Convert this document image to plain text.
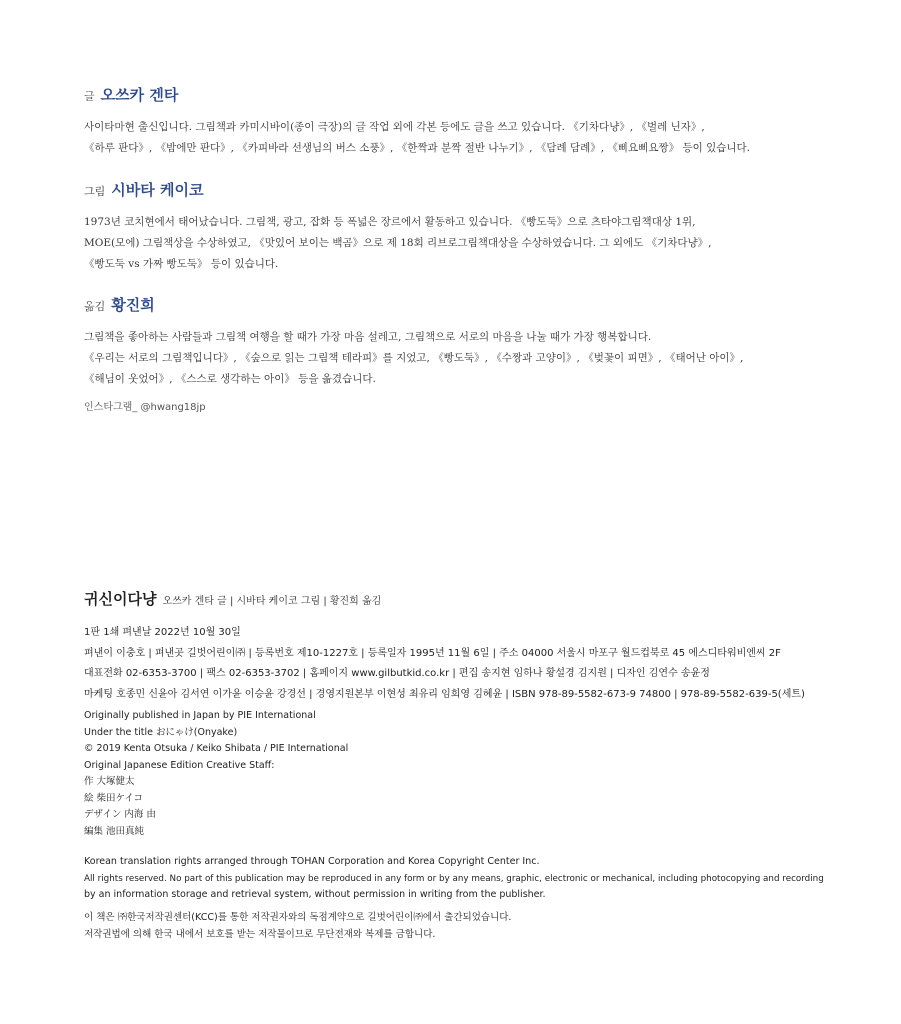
글 오쓰카 겐타

사이타마현 출신입니다. 그림책과 카미시바이(종이 극장)의 글 작업 외에 각본 등에도 글을 쓰고 있습니다. 《기차다냥》, 《벌레 닌자》,
《하루 판다》, 《밤에만 판다》, 《카피바라 선생님의 버스 소풍》, 《한짝과 분짝 절반 나누기》, 《담례 담례》, 《삐요삐요짱》 등이 있습니다.

그림 시바타 케이코

1973년 코치현에서 태어났습니다. 그림책, 광고, 잡화 등 폭넓은 장르에서 활동하고 있습니다. 《빵도둑》으로 츠타야그림책대상 1위,
MOE(모에) 그림책상을 수상하였고, 《맛있어 보이는 백곰》으로 제 18회 리브로그림책대상을 수상하였습니다. 그 외에도 《기차다냥》,
《빵도둑 vs 가짜 빵도둑》 등이 있습니다.

옮김 황진희

그림책을 좋아하는 사람들과 그림책 여행을 할 때가 가장 마음 설레고, 그림책으로 서로의 마음을 나눌 때가 가장 행복합니다.
《우리는 서로의 그림책입니다》, 《숲으로 읽는 그림책 테라피》를 지었고, 《빵도둑》, 《수짱과 고양이》, 《벚꽃이 피면》, 《태어난 아이》,
《해님이 웃었어》, 《스스로 생각하는 아이》 등을 옮겼습니다.

인스타그램_ @hwang18jp
귀신이다냥 오쓰카 겐타 글 | 시바타 케이코 그림 | 황진희 옮김
1판 1쇄 펴낸날 2022년 10월 30일
펴낸이 이충호 | 펴낸곳 길벗어린이㈜ | 등록번호 제10-1227호 | 등록일자 1995년 11월 6일 | 주소 04000 서울시 마포구 월드컵북로 45 에스디타워비엔씨 2F
대표전화 02-6353-3700 | 팩스 02-6353-3702 | 홈페이지 www.gilbutkid.co.kr | 편집 송지현 임하나 황설경 김지원 | 디자인 김연수 송윤정
마케팅 호종민 신윤아 김서연 이가윤 이승윤 강경선 | 경영지원본부 이현성 최유리 임희영 김혜윤 | ISBN 978-89-5582-673-9 74800 | 978-89-5582-639-5(세트)
Originally published in Japan by PIE International
Under the title おにゃけ(Onyake)
© 2019 Kenta Otsuka / Keiko Shibata / PIE International
Original Japanese Edition Creative Staff:
作 大塚健太
絵 柴田ケイコ
デザイン 内海 由
編集 池田真純
Korean translation rights arranged through TOHAN Corporation and Korea Copyright Center Inc.
All rights reserved. No part of this publication may be reproduced in any form or by any means, graphic, electronic or mechanical, including photocopying and recording
by an information storage and retrieval system, without permission in writing from the publisher.
이 책은 ㈜한국저작권센터(KCC)를 통한 저작권자와의 독점계약으로 길벗어린이㈜에서 출간되었습니다.
저작권법에 의해 한국 내에서 보호를 받는 저작물이므로 무단전재와 복제를 금합니다.
